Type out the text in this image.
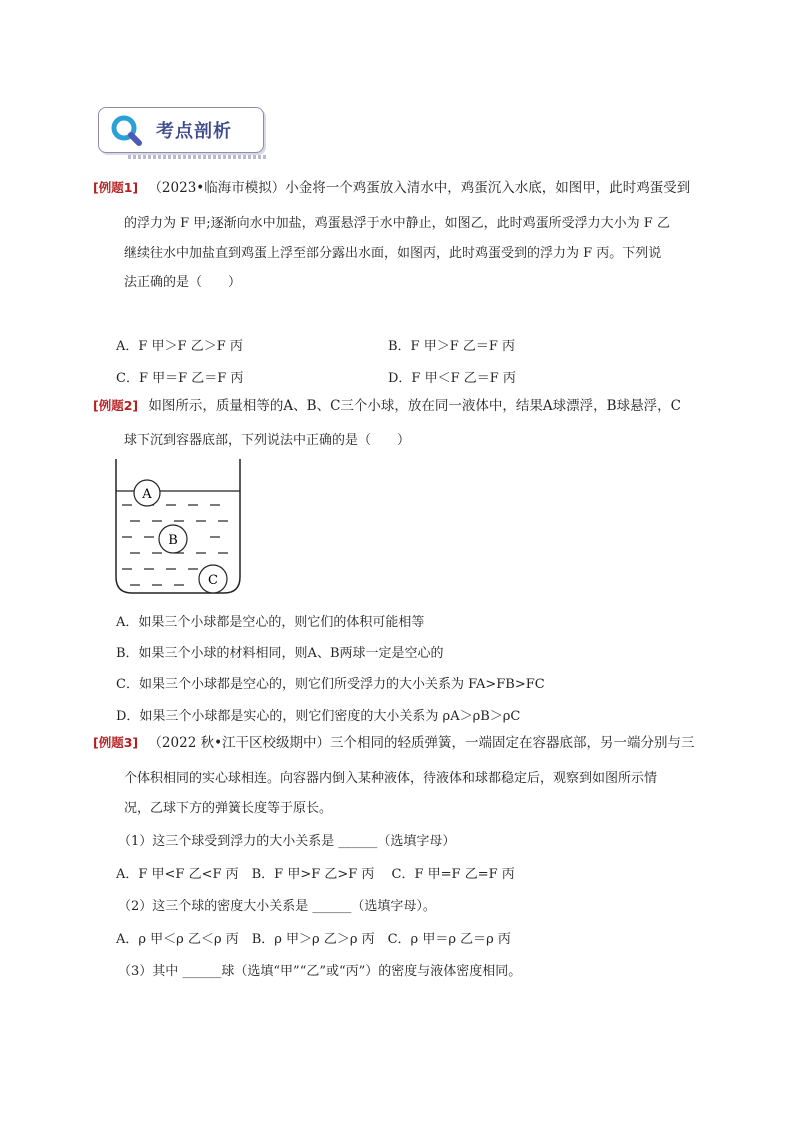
考点剖析
[例题1] （2023•临海市模拟）小金将一个鸡蛋放入清水中，鸡蛋沉入水底，如图甲，此时鸡蛋受到
的浮力为 F 甲;逐渐向水中加盐，鸡蛋悬浮于水中静止，如图乙，此时鸡蛋所受浮力大小为 F 乙
继续往水中加盐直到鸡蛋上浮至部分露出水面，如图丙，此时鸡蛋受到的浮力为 F 丙。下列说
法正确的是（　　）
A．F 甲＞F 乙＞F 丙	B．F 甲＞F 乙＝F 丙
C．F 甲＝F 乙＝F 丙	D．F 甲＜F 乙＝F 丙
[例题2] 如图所示，质量相等的A、B、C三个小球，放在同一液体中，结果A球漂浮，B球悬浮，C
球下沉到容器底部，下列说法中正确的是（　　）
A
B
C
A．如果三个小球都是空心的，则它们的体积可能相等
B．如果三个小球的材料相同，则A、B两球一定是空心的
C．如果三个小球都是空心的，则它们所受浮力的大小关系为 FA>FB>FC
D．如果三个小球都是实心的，则它们密度的大小关系为 ρA＞ρB＞ρC
[例题3] （2022 秋•江干区校级期中）三个相同的轻质弹簧，一端固定在容器底部，另一端分别与三
个体积相同的实心球相连。向容器内倒入某种液体，待液体和球都稳定后，观察到如图所示情
况，乙球下方的弹簧长度等于原长。
（1）这三个球受到浮力的大小关系是 ______（选填字母）
A．F 甲<F 乙<F 丙　B．F 甲>F 乙>F 丙　 C．F 甲=F 乙=F 丙
（2）这三个球的密度大小关系是 ______（选填字母）。
A．ρ 甲＜ρ 乙＜ρ 丙　B．ρ 甲＞ρ 乙＞ρ 丙　C．ρ 甲＝ρ 乙＝ρ 丙
（3）其中 ______球（选填“甲”“乙”或“丙”）的密度与液体密度相同。
